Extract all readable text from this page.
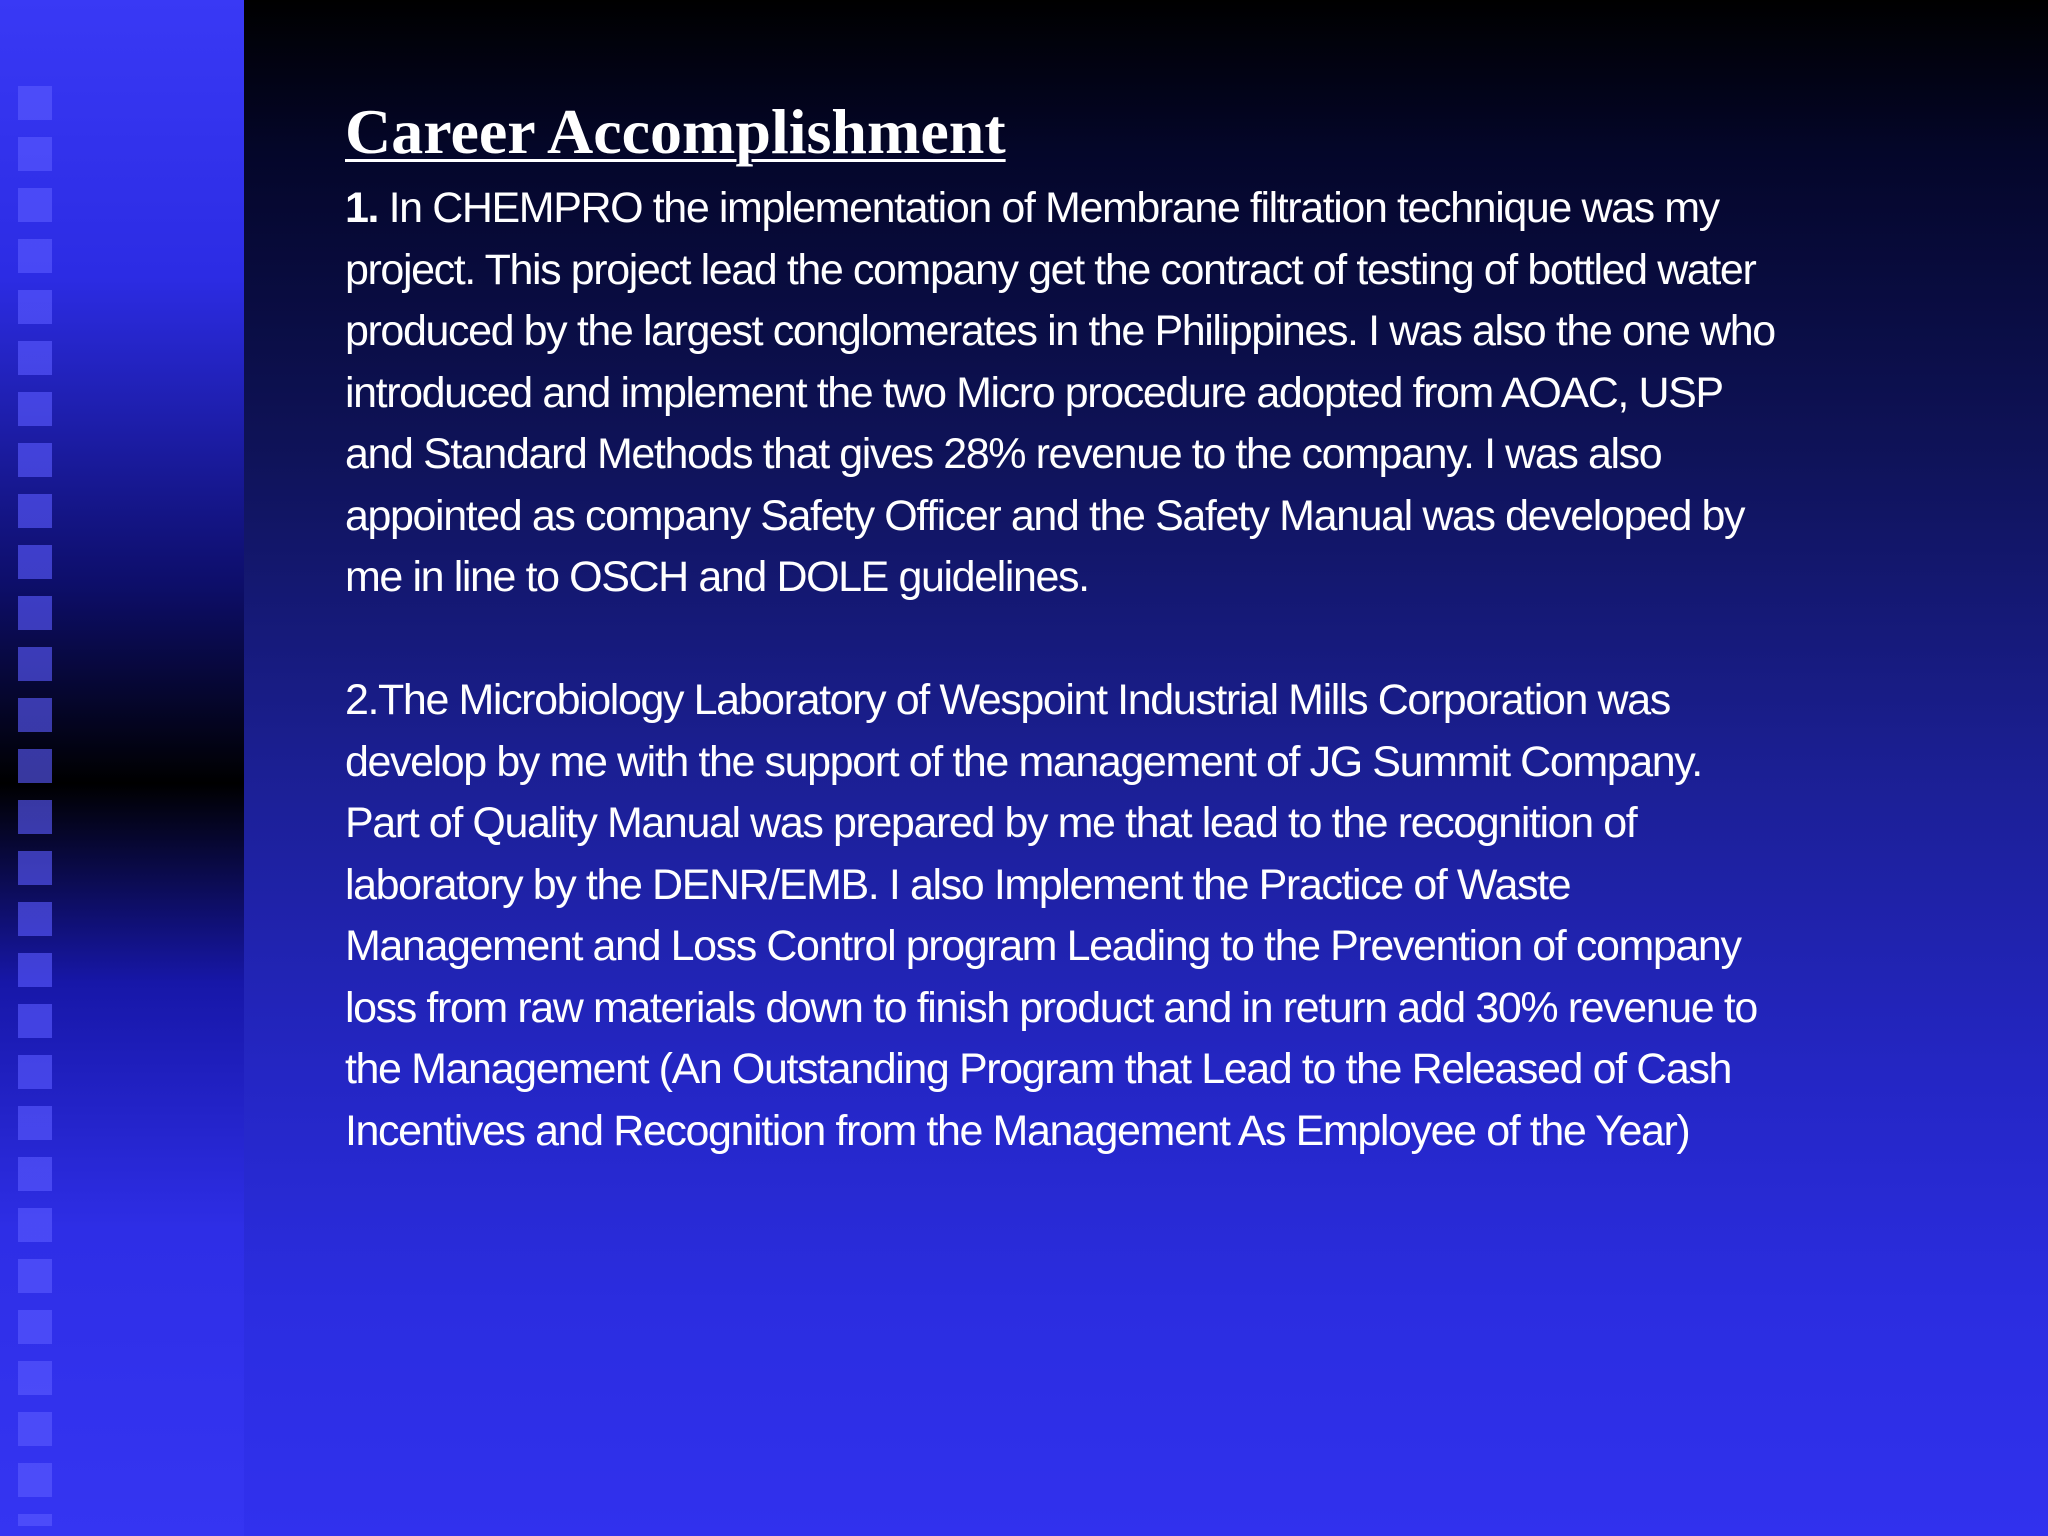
Career Accomplishment

1. In CHEMPRO the implementation of Membrane filtration technique was my
project. This project lead the company get the contract of testing of bottled water
produced by the largest conglomerates in the Philippines. I was also the one who
introduced and implement the two Micro procedure adopted from AOAC, USP
and Standard Methods that gives 28% revenue to the company. I was also
appointed as company Safety Officer and the Safety Manual was developed by
me in line to OSCH and DOLE guidelines.

2.The Microbiology Laboratory of Wespoint Industrial Mills Corporation was
develop by me with the support of the management of JG Summit Company.
Part of Quality Manual was prepared by me that lead to the recognition of
laboratory by the DENR/EMB. I also Implement the Practice of Waste
Management and Loss Control program Leading to the Prevention of company
loss from raw materials down to finish product and in return add 30% revenue to
the Management (An Outstanding Program that Lead to the Released of Cash
Incentives and Recognition from the Management As Employee of the Year)
